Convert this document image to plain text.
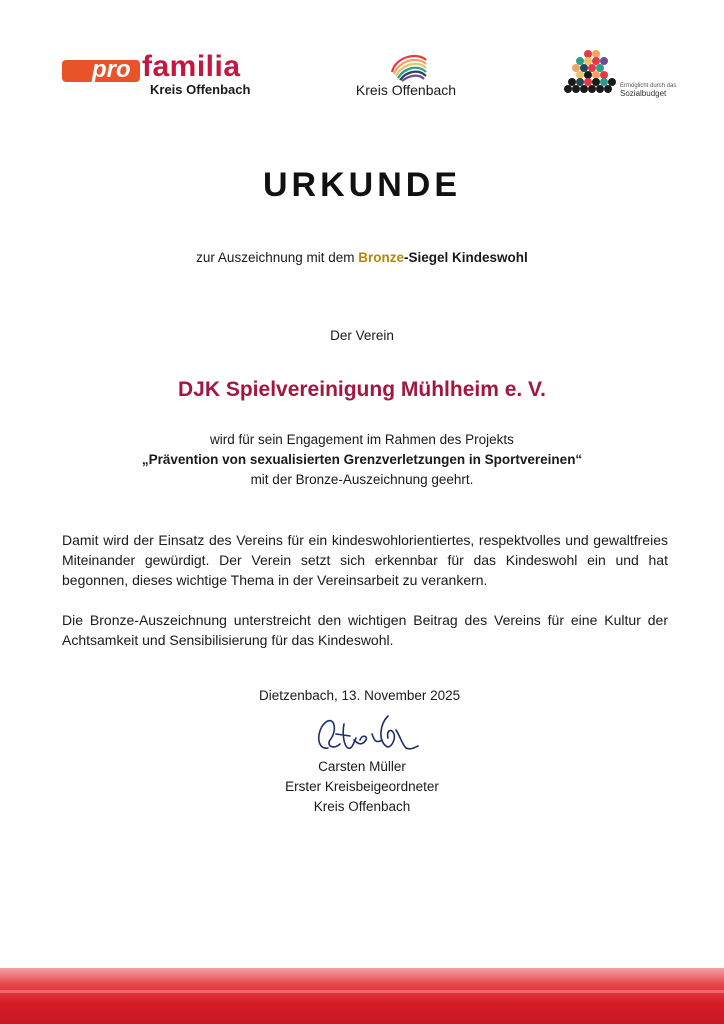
pro familia
Kreis Offenbach	Kreis Offenbach	Ermöglicht durch das
Sozialbudget
URKUNDE
zur Auszeichnung mit dem Bronze-Siegel Kindeswohl
Der Verein
DJK Spielvereinigung Mühlheim e. V.
wird für sein Engagement im Rahmen des Projekts
„Prävention von sexualisierten Grenzverletzungen in Sportvereinen“
mit der Bronze-Auszeichnung geehrt.
Damit wird der Einsatz des Vereins für ein kindeswohlorientiertes, respektvolles und gewaltfreies Miteinander gewürdigt. Der Verein setzt sich erkennbar für das Kindeswohl ein und hat begonnen, dieses wichtige Thema in der Vereinsarbeit zu verankern.
Die Bronze-Auszeichnung unterstreicht den wichtigen Beitrag des Vereins für eine Kultur der Achtsamkeit und Sensibilisierung für das Kindeswohl.
Dietzenbach, 13. November 2025
Carsten Müller
Erster Kreisbeigeordneter
Kreis Offenbach
